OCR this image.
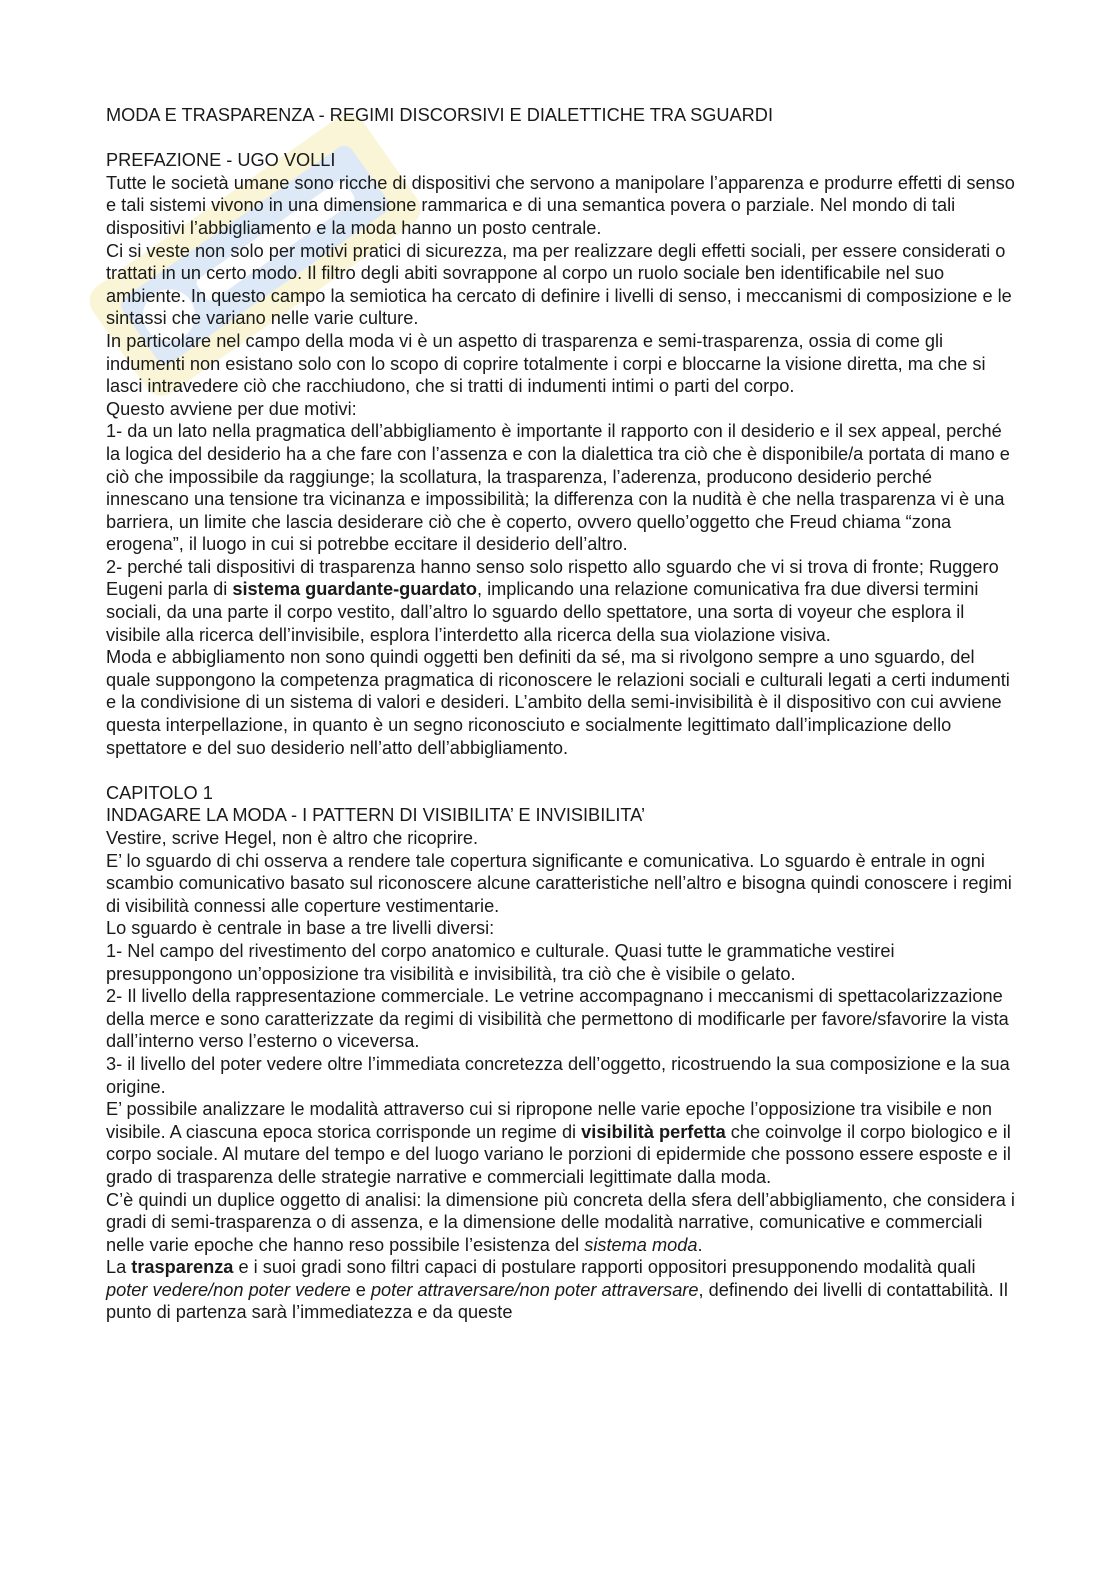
MODA E TRASPARENZA - REGIMI DISCORSIVI E DIALETTICHE TRA SGUARDI

PREFAZIONE - UGO VOLLI

Tutte le società umane sono ricche di dispositivi che servono a manipolare l’apparenza e produrre effetti di senso e tali sistemi vivono in una dimensione rammarica e di una semantica povera o parziale. Nel mondo di tali dispositivi l’abbigliamento e la moda hanno un posto centrale.

Ci si veste non solo per motivi pratici di sicurezza, ma per realizzare degli effetti sociali, per essere considerati o trattati in un certo modo. Il filtro degli abiti sovrappone al corpo un ruolo sociale ben identificabile nel suo ambiente. In questo campo la semiotica ha cercato di definire i livelli di senso, i meccanismi di composizione e le sintassi che variano nelle varie culture.

In particolare nel campo della moda vi è un aspetto di trasparenza e semi-trasparenza, ossia di come gli indumenti non esistano solo con lo scopo di coprire totalmente i corpi e bloccarne la visione diretta, ma che si lasci intravedere ciò che racchiudono, che si tratti di indumenti intimi o parti del corpo.

Questo avviene per due motivi:

1- da un lato nella pragmatica dell’abbigliamento è importante il rapporto con il desiderio e il sex appeal, perché la logica del desiderio ha a che fare con l’assenza e con la dialettica tra ciò che è disponibile/a portata di mano e ciò che impossibile da raggiunge; la scollatura, la trasparenza, l’aderenza, producono desiderio perché innescano una tensione tra vicinanza e impossibilità; la differenza con la nudità è che nella trasparenza vi è una barriera, un limite che lascia desiderare ciò che è coperto, ovvero quello’oggetto che Freud chiama “zona erogena”, il luogo in cui si potrebbe eccitare il desiderio dell’altro.

2- perché tali dispositivi di trasparenza hanno senso solo rispetto allo sguardo che vi si trova di fronte; Ruggero Eugeni parla di sistema guardante-guardato, implicando una relazione comunicativa fra due diversi termini sociali, da una parte il corpo vestito, dall’altro lo sguardo dello spettatore, una sorta di voyeur che esplora il visibile alla ricerca dell’invisibile, esplora l’interdetto alla ricerca della sua violazione visiva.

Moda e abbigliamento non sono quindi oggetti ben definiti da sé, ma si rivolgono sempre a uno sguardo, del quale suppongono la competenza pragmatica di riconoscere le relazioni sociali e culturali legati a certi indumenti e la condivisione di un sistema di valori e desideri. L’ambito della semi-invisibilità è il dispositivo con cui avviene questa interpellazione, in quanto è un segno riconosciuto e socialmente legittimato dall’implicazione dello spettatore e del suo desiderio nell’atto dell’abbigliamento.

CAPITOLO 1

INDAGARE LA MODA - I PATTERN DI VISIBILITA’ E INVISIBILITA’

Vestire, scrive Hegel, non è altro che ricoprire.

E’ lo sguardo di chi osserva a rendere tale copertura significante e comunicativa. Lo sguardo è entrale in ogni scambio comunicativo basato sul riconoscere alcune caratteristiche nell’altro e bisogna quindi conoscere i regimi di visibilità connessi alle coperture vestimentarie.

Lo sguardo è centrale in base a tre livelli diversi:

1- Nel campo del rivestimento del corpo anatomico e culturale. Quasi tutte le grammatiche vestirei presuppongono un’opposizione tra visibilità e invisibilità, tra ciò che è visibile o gelato.

2- Il livello della rappresentazione commerciale. Le vetrine accompagnano i meccanismi di spettacolarizzazione della merce e sono caratterizzate da regimi di visibilità che permettono di modificarle per favore/sfavorire la vista dall’interno verso l’esterno o viceversa.

3- il livello del poter vedere oltre l’immediata concretezza dell’oggetto, ricostruendo la sua composizione e la sua origine.

E’ possibile analizzare le modalità attraverso cui si ripropone nelle varie epoche l’opposizione tra visibile e non visibile. A ciascuna epoca storica corrisponde un regime di visibilità perfetta che coinvolge il corpo biologico e il corpo sociale. Al mutare del tempo e del luogo variano le porzioni di epidermide che possono essere esposte e il grado di trasparenza delle strategie narrative e commerciali legittimate dalla moda.

C’è quindi un duplice oggetto di analisi: la dimensione più concreta della sfera dell’abbigliamento, che considera i gradi di semi-trasparenza o di assenza, e la dimensione delle modalità narrative, comunicative e commerciali nelle varie epoche che hanno reso possibile l’esistenza del sistema moda.

La trasparenza e i suoi gradi sono filtri capaci di postulare rapporti oppositori presupponendo modalità quali poter vedere/non poter vedere e poter attraversare/non poter attraversare, definendo dei livelli di contattabilità. Il punto di partenza sarà l’immediatezza e da queste
